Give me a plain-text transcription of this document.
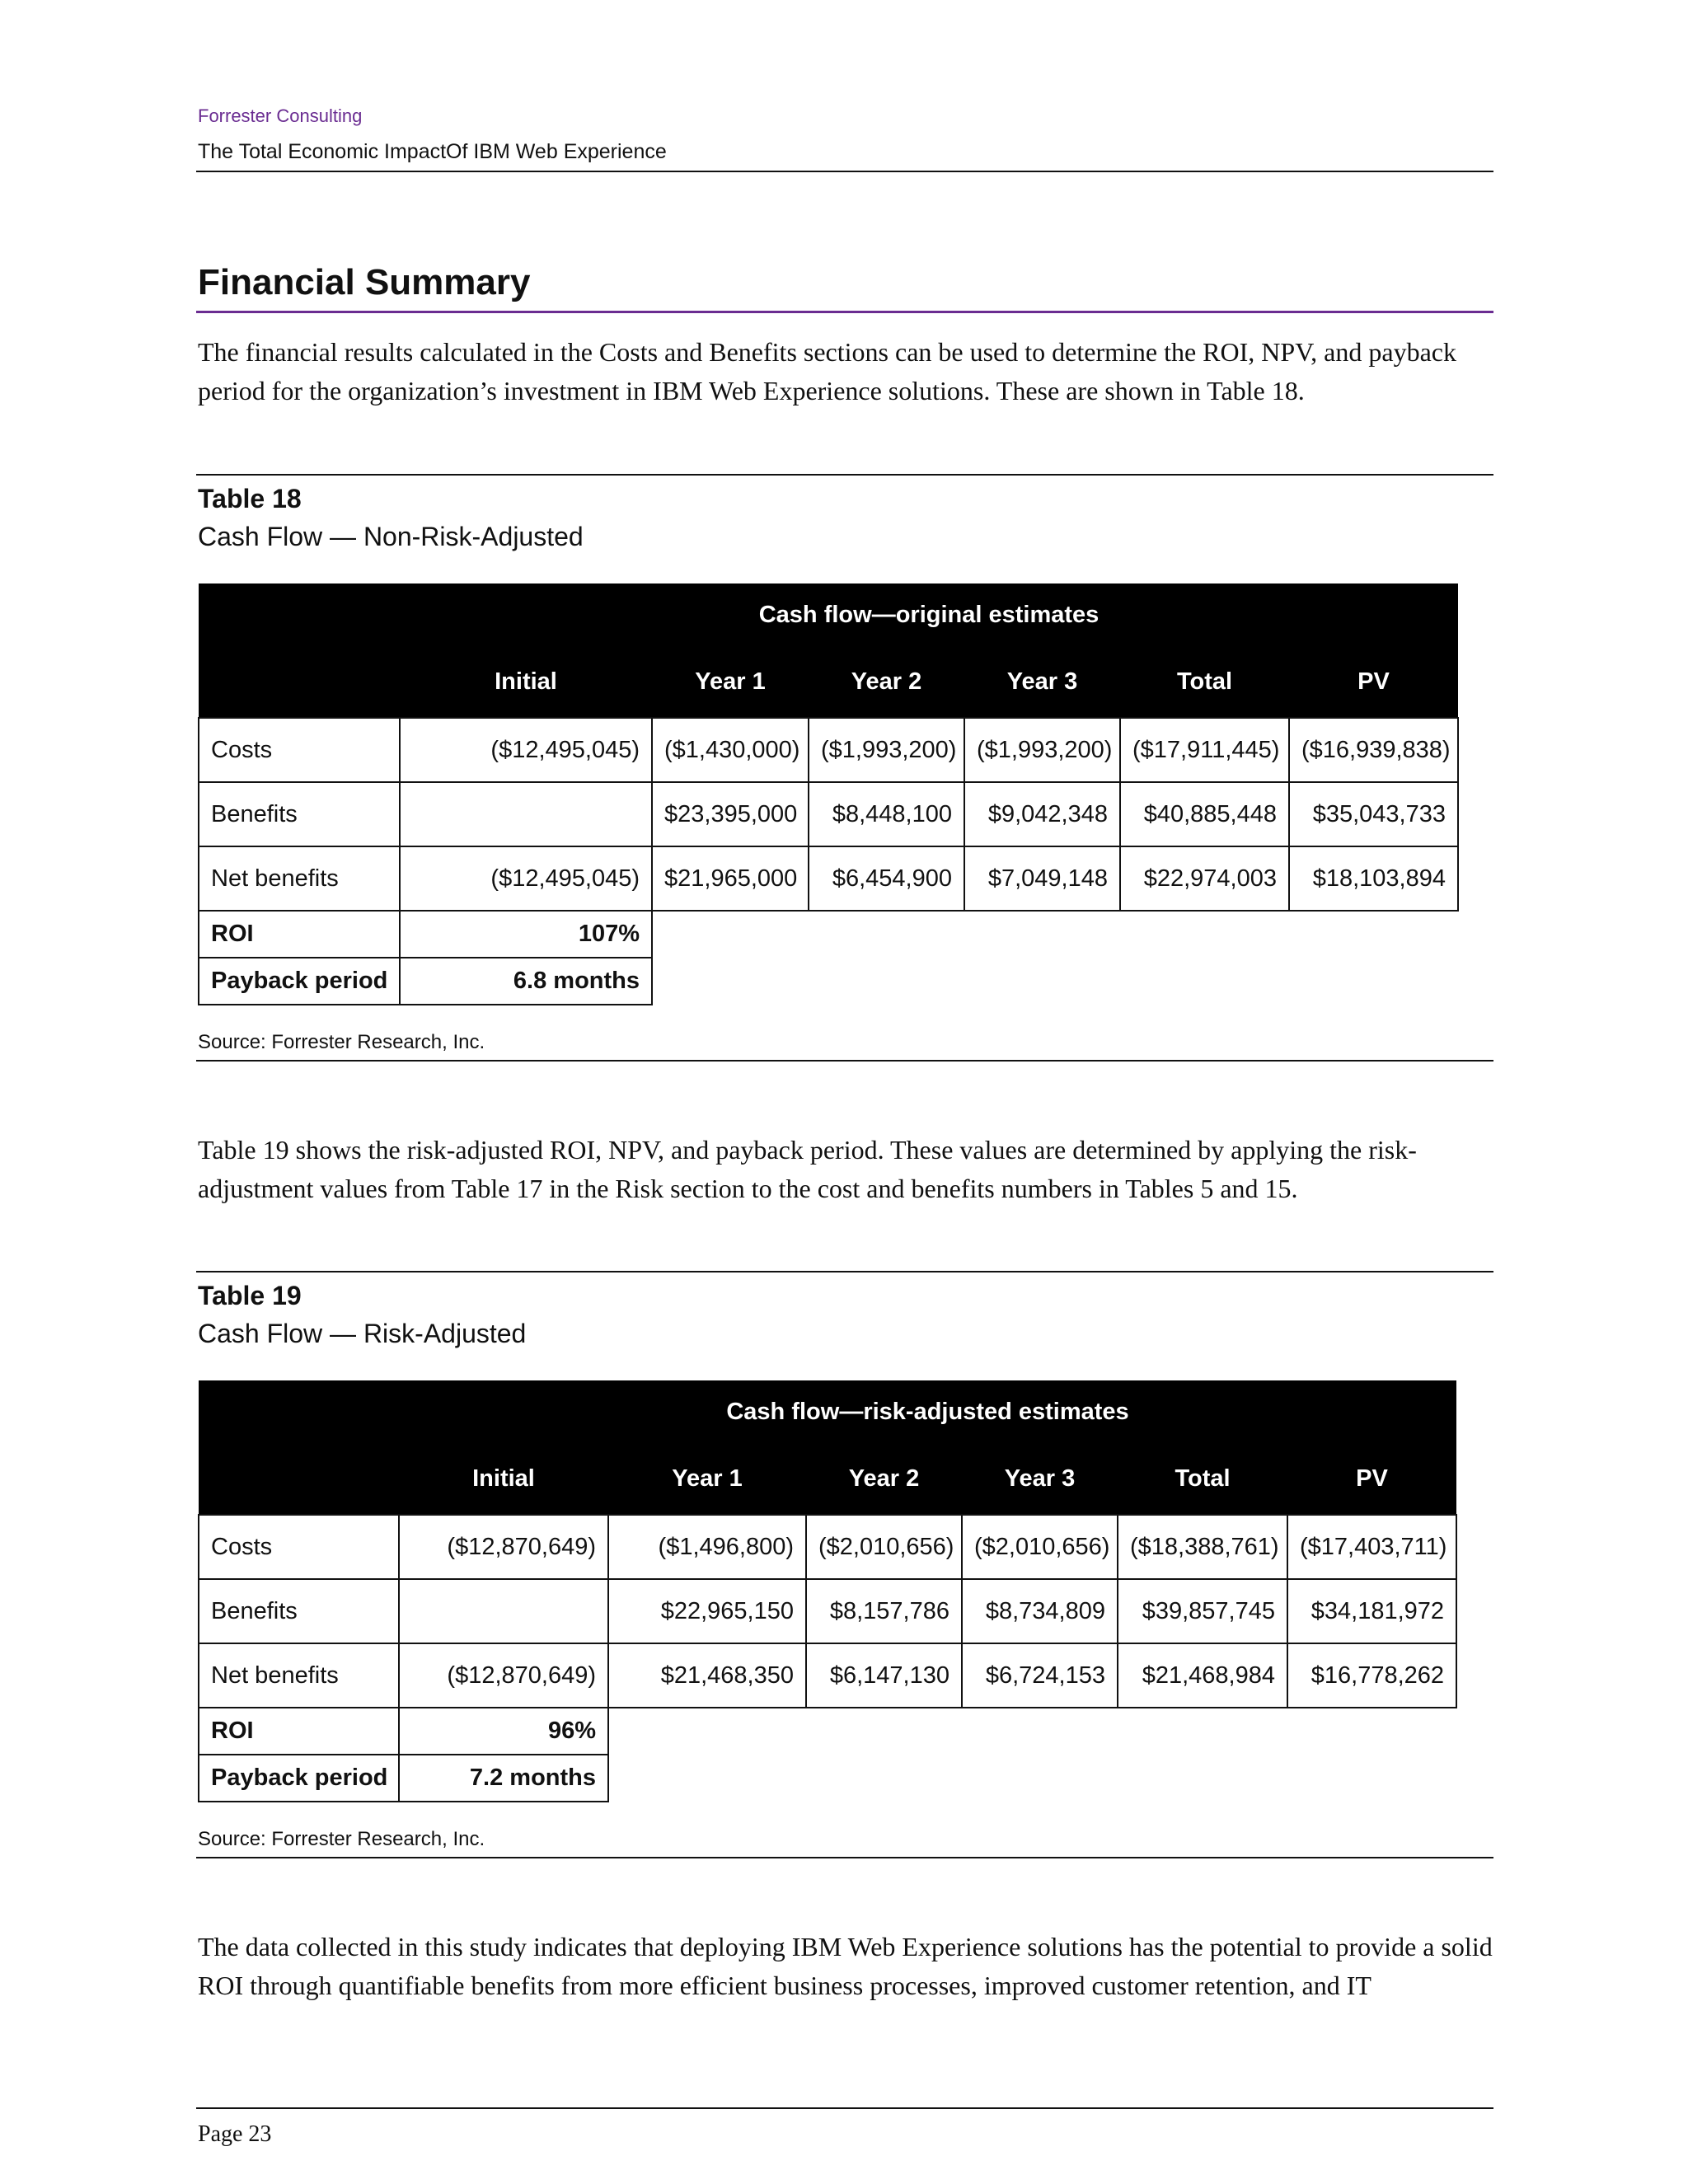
Forrester Consulting
The Total Economic ImpactOf IBM Web Experience
Financial Summary

The financial results calculated in the Costs and Benefits sections can be used to determine the ROI, NPV, and payback period for the organization’s investment in IBM Web Experience solutions. These are shown in Table 18.

Table 18
Cash Flow — Non-Risk-Adjusted
	Cash flow—original estimates					
	Initial	Year 1	Year 2	Year 3	Total	PV
Costs	($12,495,045)	($1,430,000)	($1,993,200)	($1,993,200)	($17,911,445)	($16,939,838)
Benefits		$23,395,000	$8,448,100	$9,042,348	$40,885,448	$35,043,733
Net benefits	($12,495,045)	$21,965,000	$6,454,900	$7,049,148	$22,974,003	$18,103,894
ROI	107%					
Payback period	6.8 months					
Source: Forrester Research, Inc.

Table 19 shows the risk-adjusted ROI, NPV, and payback period. These values are determined by applying the risk-adjustment values from Table 17 in the Risk section to the cost and benefits numbers in Tables 5 and 15.

Table 19
Cash Flow — Risk-Adjusted
	Cash flow—risk-adjusted estimates					
	Initial	Year 1	Year 2	Year 3	Total	PV
Costs	($12,870,649)	($1,496,800)	($2,010,656)	($2,010,656)	($18,388,761)	($17,403,711)
Benefits		$22,965,150	$8,157,786	$8,734,809	$39,857,745	$34,181,972
Net benefits	($12,870,649)	$21,468,350	$6,147,130	$6,724,153	$21,468,984	$16,778,262
ROI	96%					
Payback period	7.2 months					
Source: Forrester Research, Inc.

The data collected in this study indicates that deploying IBM Web Experience solutions has the potential to provide a solid ROI through quantifiable benefits from more efficient business processes, improved customer retention, and IT

Page 23
